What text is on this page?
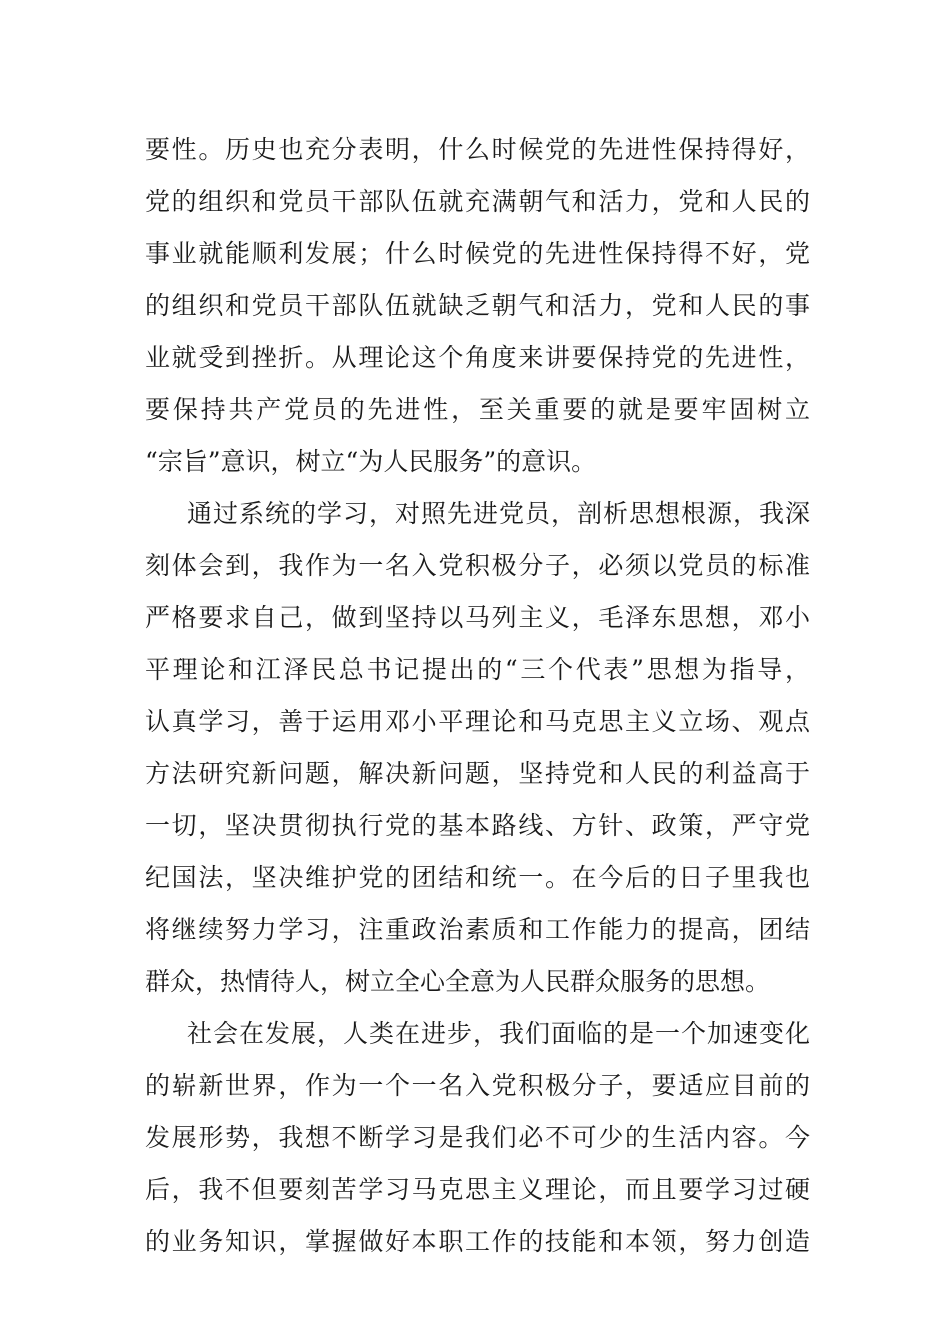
要性。历史也充分表明，什么时候党的先进性保持得好，
党的组织和党员干部队伍就充满朝气和活力，党和人民的
事业就能顺利发展；什么时候党的先进性保持得不好，党
的组织和党员干部队伍就缺乏朝气和活力，党和人民的事
业就受到挫折。从理论这个角度来讲要保持党的先进性，
要保持共产党员的先进性，至关重要的就是要牢固树立
“宗旨”意识，树立“为人民服务”的意识。
通过系统的学习，对照先进党员，剖析思想根源，我深
刻体会到，我作为一名入党积极分子，必须以党员的标准
严格要求自己，做到坚持以马列主义，毛泽东思想，邓小
平理论和江泽民总书记提出的“三个代表”思想为指导，
认真学习，善于运用邓小平理论和马克思主义立场、观点
方法研究新问题，解决新问题，坚持党和人民的利益高于
一切，坚决贯彻执行党的基本路线、方针、政策，严守党
纪国法，坚决维护党的团结和统一。在今后的日子里我也
将继续努力学习，注重政治素质和工作能力的提高，团结
群众，热情待人，树立全心全意为人民群众服务的思想。
社会在发展，人类在进步，我们面临的是一个加速变化
的崭新世界，作为一个一名入党积极分子，要适应目前的
发展形势，我想不断学习是我们必不可少的生活内容。今
后，我不但要刻苦学习马克思主义理论，而且要学习过硬
的业务知识，掌握做好本职工作的技能和本领，努力创造
